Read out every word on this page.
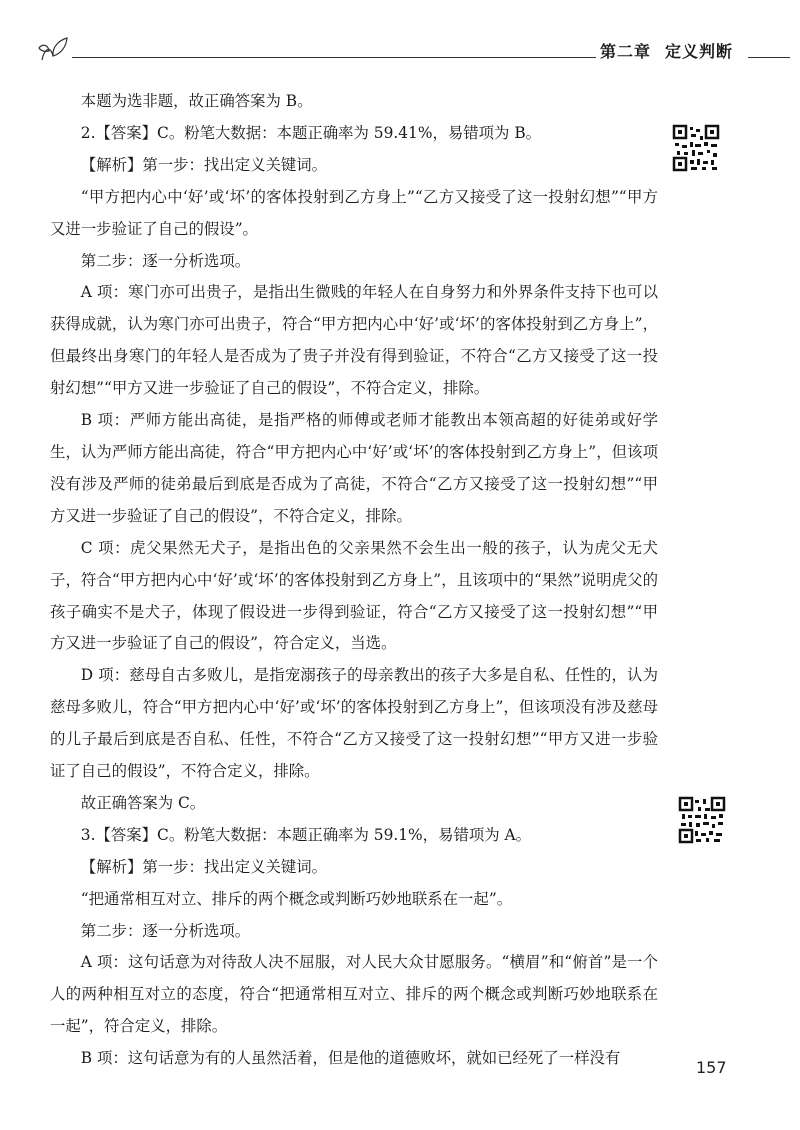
第二章 定义判断

本题为选非题，故正确答案为 B。

2.【答案】C。粉笔大数据：本题正确率为 59.41%，易错项为 B。

【解析】第一步：找出定义关键词。

“甲方把内心中‘好’或‘坏’的客体投射到乙方身上”“乙方又接受了这一投射幻想”“甲方又进一步验证了自己的假设”。

第二步：逐一分析选项。

A 项：寒门亦可出贵子，是指出生微贱的年轻人在自身努力和外界条件支持下也可以获得成就，认为寒门亦可出贵子，符合“甲方把内心中‘好’或‘坏’的客体投射到乙方身上”，但最终出身寒门的年轻人是否成为了贵子并没有得到验证，不符合“乙方又接受了这一投射幻想”“甲方又进一步验证了自己的假设”，不符合定义，排除。

B 项：严师方能出高徒，是指严格的师傅或老师才能教出本领高超的好徒弟或好学生，认为严师方能出高徒，符合“甲方把内心中‘好’或‘坏’的客体投射到乙方身上”，但该项没有涉及严师的徒弟最后到底是否成为了高徒，不符合“乙方又接受了这一投射幻想”“甲方又进一步验证了自己的假设”，不符合定义，排除。

C 项：虎父果然无犬子，是指出色的父亲果然不会生出一般的孩子，认为虎父无犬子，符合“甲方把内心中‘好’或‘坏’的客体投射到乙方身上”，且该项中的“果然”说明虎父的孩子确实不是犬子，体现了假设进一步得到验证，符合“乙方又接受了这一投射幻想”“甲方又进一步验证了自己的假设”，符合定义，当选。

D 项：慈母自古多败儿，是指宠溺孩子的母亲教出的孩子大多是自私、任性的，认为慈母多败儿，符合“甲方把内心中‘好’或‘坏’的客体投射到乙方身上”，但该项没有涉及慈母的儿子最后到底是否自私、任性，不符合“乙方又接受了这一投射幻想”“甲方又进一步验证了自己的假设”，不符合定义，排除。

故正确答案为 C。

3.【答案】C。粉笔大数据：本题正确率为 59.1%，易错项为 A。

【解析】第一步：找出定义关键词。

“把通常相互对立、排斥的两个概念或判断巧妙地联系在一起”。

第二步：逐一分析选项。

A 项：这句话意为对待敌人决不屈服，对人民大众甘愿服务。“横眉”和“俯首”是一个人的两种相互对立的态度，符合“把通常相互对立、排斥的两个概念或判断巧妙地联系在一起”，符合定义，排除。

B 项：这句话意为有的人虽然活着，但是他的道德败坏，就如已经死了一样没有	157
